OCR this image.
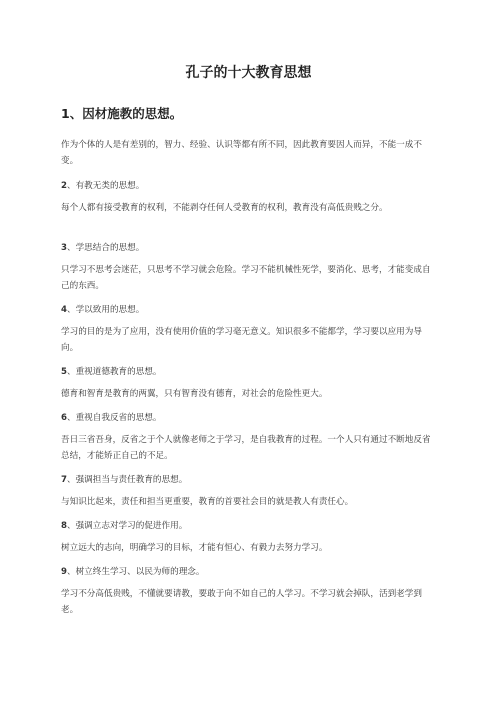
孔子的十大教育思想
1、因材施教的思想。

作为个体的人是有差别的，智力、经验、认识等都有所不同，因此教育要因人而异，不能一成不变。

2、有教无类的思想。

每个人都有接受教育的权利，不能剥夺任何人受教育的权利，教育没有高低贵贱之分。

3、学思结合的思想。

只学习不思考会迷茫，只思考不学习就会危险。学习不能机械性死学，要消化、思考，才能变成自己的东西。

4、学以致用的思想。

学习的目的是为了应用，没有使用价值的学习毫无意义。知识很多不能都学，学习要以应用为导向。

5、重视道德教育的思想。

德育和智育是教育的两翼，只有智育没有德育，对社会的危险性更大。

6、重视自我反省的思想。

吾日三省吾身，反省之于个人就像老师之于学习，是自我教育的过程。一个人只有通过不断地反省总结，才能矫正自己的不足。

7、强调担当与责任教育的思想。

与知识比起来，责任和担当更重要，教育的首要社会目的就是教人有责任心。

8、强调立志对学习的促进作用。

树立远大的志向，明确学习的目标，才能有恒心、有毅力去努力学习。

9、树立终生学习、以民为师的理念。

学习不分高低贵贱，不懂就要请教，要敢于向不如自己的人学习。不学习就会掉队，活到老学到老。
